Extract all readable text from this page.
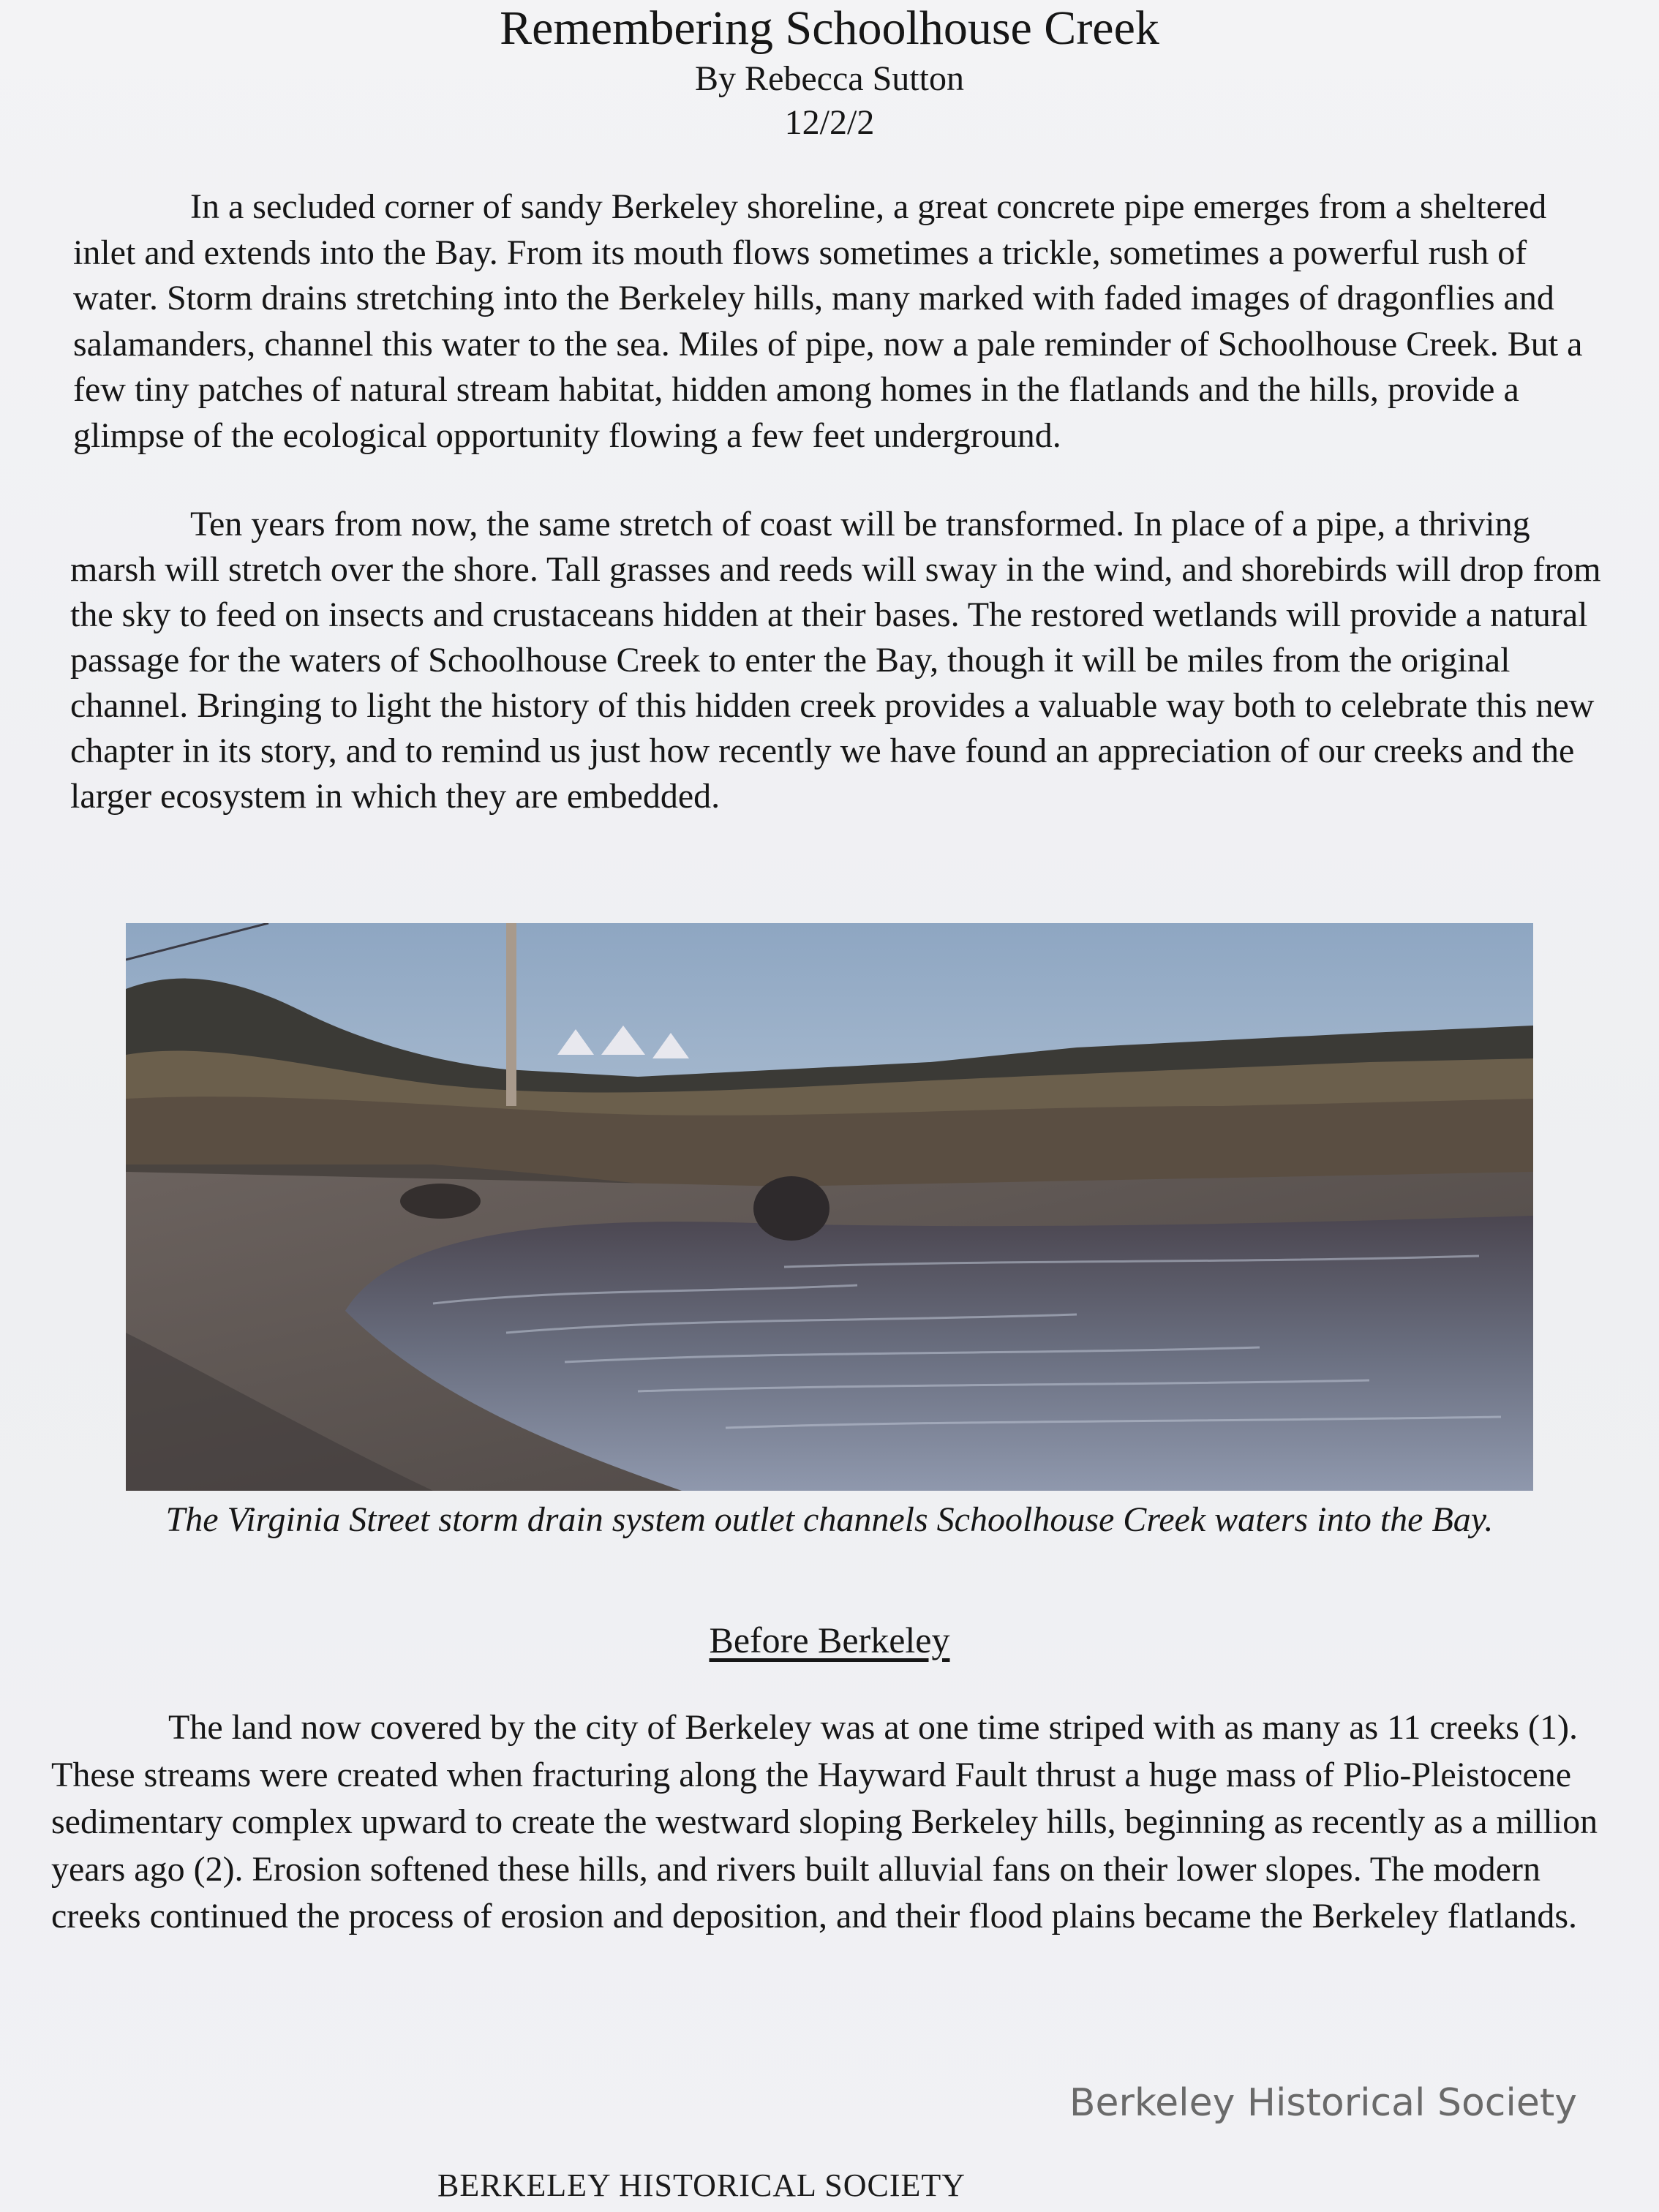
Remembering Schoolhouse Creek
By Rebecca Sutton
12/2/2

In a secluded corner of sandy Berkeley shoreline, a great concrete pipe emerges from a sheltered inlet and extends into the Bay. From its mouth flows sometimes a trickle, sometimes a powerful rush of water. Storm drains stretching into the Berkeley hills, many marked with faded images of dragonflies and salamanders, channel this water to the sea. Miles of pipe, now a pale reminder of Schoolhouse Creek. But a few tiny patches of natural stream habitat, hidden among homes in the flatlands and the hills, provide a glimpse of the ecological opportunity flowing a few feet underground.

Ten years from now, the same stretch of coast will be transformed. In place of a pipe, a thriving marsh will stretch over the shore. Tall grasses and reeds will sway in the wind, and shorebirds will drop from the sky to feed on insects and crustaceans hidden at their bases. The restored wetlands will provide a natural passage for the waters of Schoolhouse Creek to enter the Bay, though it will be miles from the original channel. Bringing to light the history of this hidden creek provides a valuable way both to celebrate this new chapter in its story, and to remind us just how recently we have found an appreciation of our creeks and the larger ecosystem in which they are embedded.

The Virginia Street storm drain system outlet channels Schoolhouse Creek waters into the Bay.
Before Berkeley

The land now covered by the city of Berkeley was at one time striped with as many as 11 creeks (1). These streams were created when fracturing along the Hayward Fault thrust a huge mass of Plio-Pleistocene sedimentary complex upward to create the westward sloping Berkeley hills, beginning as recently as a million years ago (2). Erosion softened these hills, and rivers built alluvial fans on their lower slopes. The modern creeks continued the process of erosion and deposition, and their flood plains became the Berkeley flatlands.

Berkeley Historical Society
BERKELEY HISTORICAL SOCIETY
